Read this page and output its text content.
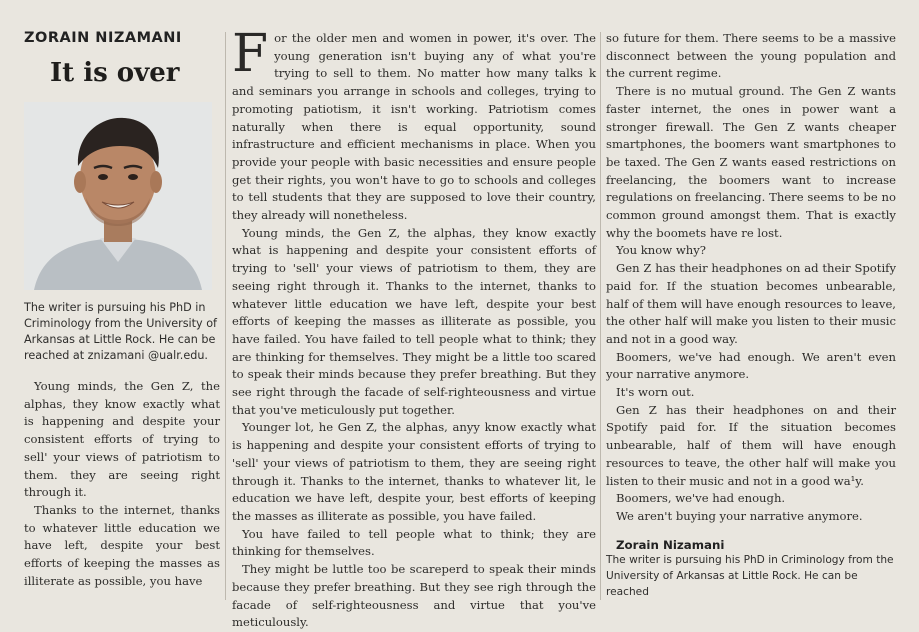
ZORAIN NIZAMANI
It is over
The writer is pursuing his PhD in Criminology from the University of Arkansas at Little Rock. He can be reached at znizamani @ualr.edu.

Young minds, the Gen Z, the alphas, they know exactly what is happening and despite your consistent efforts of trying to sell' your views of patriotism to them. they are seeing right through it.

Thanks to the internet, thanks to whatever little education we have left, despite your best efforts of keeping the masses as illiterate as possible, you have

F or the older men and women in power, it's over. The young generation isn't buying any of what you're trying to sell to them. No matter how many talks k and seminars you arrange in schools and colleges, trying to promoting patiotism, it isn't working. Patriotism comes naturally when there is equal opportunity, sound infrastructure and efficient mechanisms in place. When you provide your people with basic necessities and ensure people get their rights, you won't have to go to schools and colleges to tell students that they are supposed to love their country, they already will nonetheless.

Young minds, the Gen Z, the alphas, they know exactly what is happening and despite your consistent efforts of trying to 'sell' your views of patriotism to them, they are seeing right through it. Thanks to the internet, thanks to whatever little education we have left, despite your best efforts of keeping the masses as illiterate as possible, you have failed. You have failed to tell people what to think; they are thinking for themselves. They might be a little too scared to speak their minds because they prefer breathing. But they see right through the facade of self-righteousness and virtue that you've meticulously put together.

Younger lot, he Gen Z, the alphas, anyy know exactly what is happening and despite your consistent efforts of trying to 'sell' your views of patriotism to them, they are seeing right through it. Thanks to the internet, thanks to whatever lit, le education we have left, despite your, best efforts of keeping the masses as illiterate as possible, you have failed.

You have failed to tell people what to think; they are thinking for themselves.

They might be luttle too be scareperd to speak their minds because they prefer breathing. But they see righ through the facade of self-righteousness and virtue that you've meticulously.

so future for them. There seems to be a massive disconnect between the young population and the current regime.

There is no mutual ground. The Gen Z wants faster internet, the ones in power want a stronger firewall. The Gen Z wants cheaper smartphones, the boomers want smartphones to be taxed. The Gen Z wants eased restrictions on freelancing, the boomers want to increase regulations on freelancing. There seems to be no common ground amongst them. That is exactly why the boomets have re lost.

You know why?

Gen Z has their headphones on ad their Spotify paid for. If the stuation becomes unbearable, half of them will have enough resources to leave, the other half will make you listen to their music and not in a good way.

Boomers, we've had enough. We aren't even your narrative anymore.

It's worn out.

Gen Z has their headphones on and their Spotify paid for. If the situation becomes unbearable, half of them will have enough resources to teave, the other half will make you listen to their music and not in a good wa¹y.

Boomers, we've had enough.

We aren't buying your narrative anymore.

Zorain Nizamani
The writer is pursuing his PhD in Criminology from the University of Arkansas at Little Rock. He can be reached
